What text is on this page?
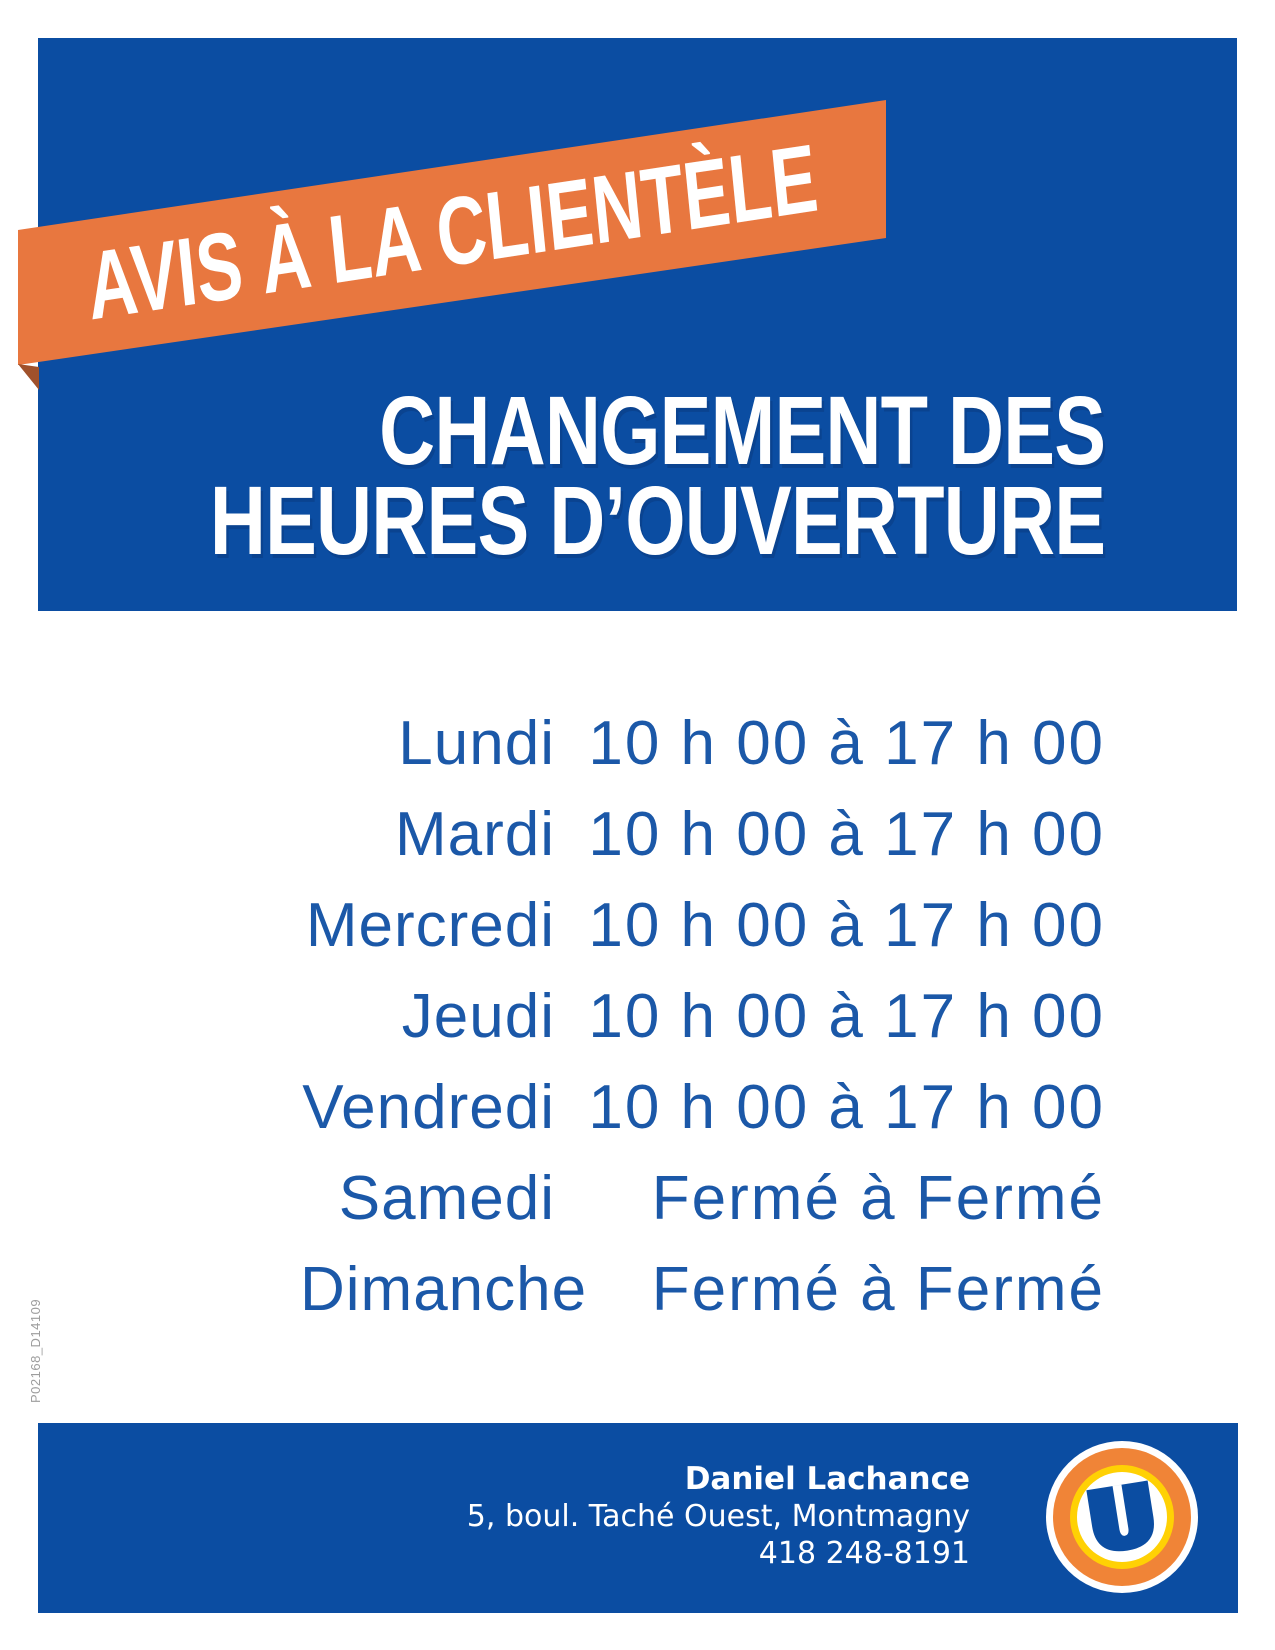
AVIS À LA CLIENTÈLE
CHANGEMENT DES
HEURES D’OUVERTURE
Lundi 10 h 00 à 17 h 00
Mardi 10 h 00 à 17 h 00
Mercredi 10 h 00 à 17 h 00
Jeudi 10 h 00 à 17 h 00
Vendredi 10 h 00 à 17 h 00
Samedi	Fermé à Fermé
Dimanche	Fermé à Fermé
P02168_D14109
Daniel Lachance
5, boul. Taché Ouest, Montmagny
418 248-8191
